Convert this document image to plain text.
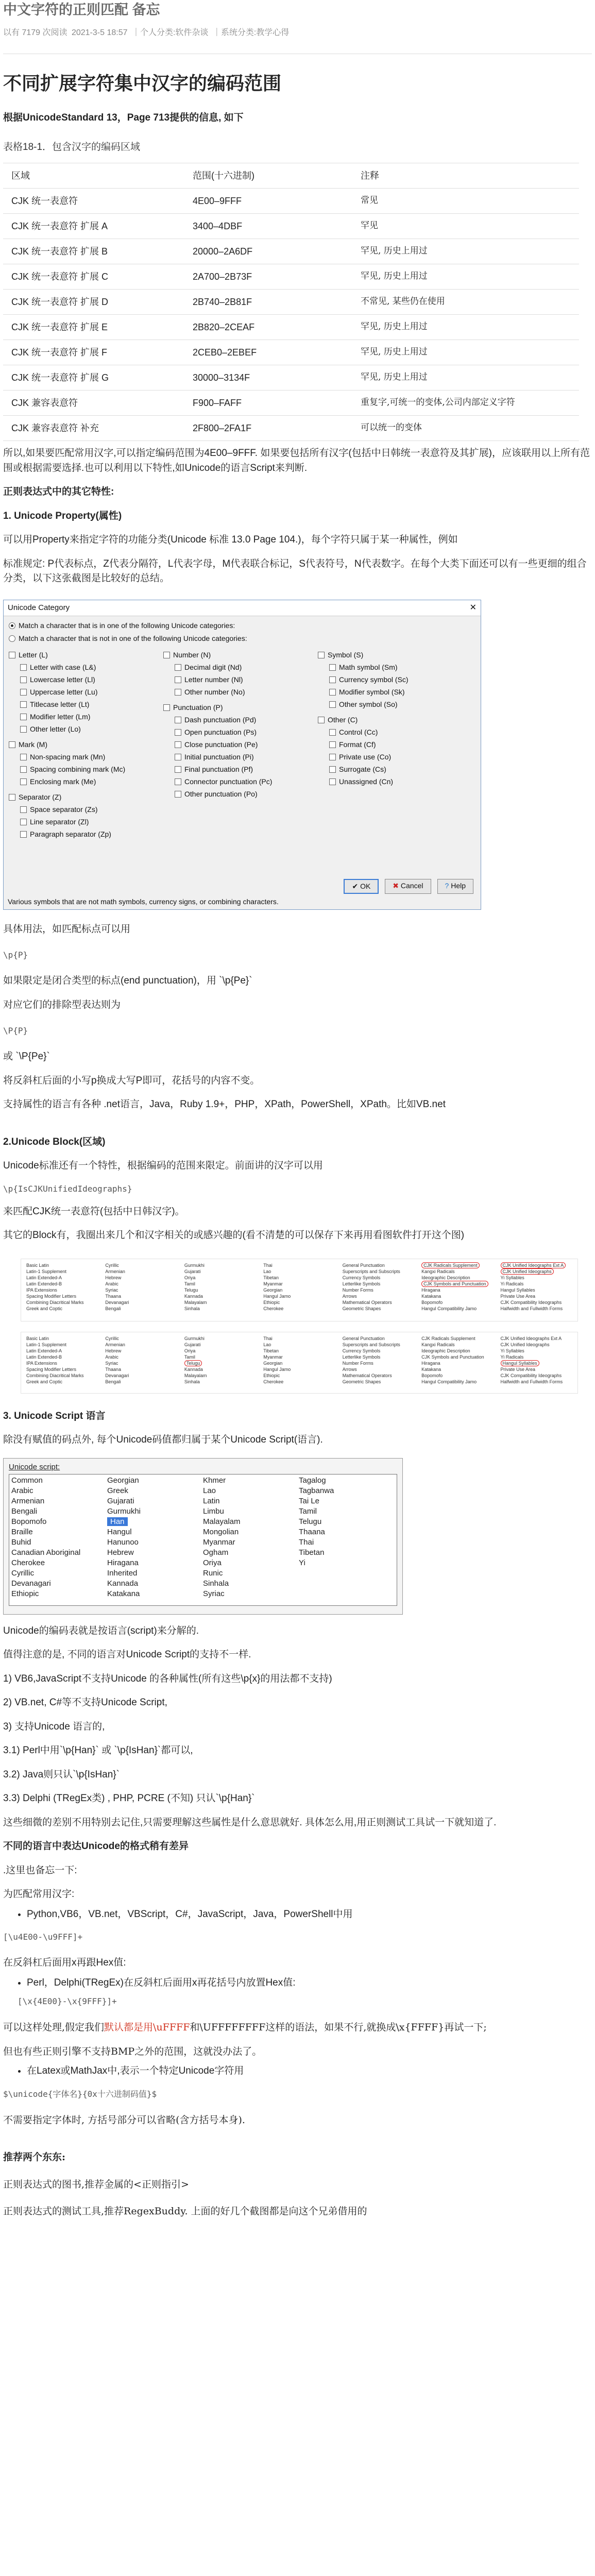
中文字符的正则匹配 备忘
以有 7179 次阅读 2021-3-5 18:57 ｜个人分类:软件杂谈 ｜系统分类:教学心得
不同扩展字符集中汉字的编码范围

根据UnicodeStandard 13，Page 713提供的信息, 如下

表格18-1．包含汉字的编码区域

区域	范围(十六进制)	注释
CJK 统一表意符	4E00–9FFF	常见
CJK 统一表意符 扩展 A	3400–4DBF	罕见
CJK 统一表意符 扩展 B	20000–2A6DF	罕见, 历史上用过
CJK 统一表意符 扩展 C	2A700–2B73F	罕见, 历史上用过
CJK 统一表意符 扩展 D	2B740–2B81F	不常见, 某些仍在使用
CJK 统一表意符 扩展 E	2B820–2CEAF	罕见, 历史上用过
CJK 统一表意符 扩展 F	2CEB0–2EBEF	罕见, 历史上用过
CJK 统一表意符 扩展 G	30000–3134F	罕见, 历史上用过
CJK 兼容表意符	F900–FAFF	重复字,可统一的变体,公司内部定义字符
CJK 兼容表意符 补充	2F800–2FA1F	可以统一的变体

所以,如果要匹配常用汉字,可以指定编码范围为4E00–9FFF. 如果要包括所有汉字(包括中日韩统一表意符及其扩展)，应该联用以上所有范围或根据需要选择.也可以利用以下特性,如Unicode的语言Script来判断.

正则表达式中的其它特性:

1. Unicode Property(属性)

可以用Property来指定字符的功能分类(Unicode 标准 13.0 Page 104.)，每个字符只属于某一种属性，例如

标准规定: P代表标点，Z代表分隔符，L代表字母，M代表联合标记，S代表符号，N代表数字。在每个大类下面还可以有一些更细的组合分类，以下这张截图是比较好的总结。

Unicode Category	✕
Match a character that is in one of the following Unicode categories:
Match a character that is not in one of the following Unicode categories:
Letter (L)
Letter with case (L&)
Lowercase letter (Ll)
Uppercase letter (Lu)
Titlecase letter (Lt)
Modifier letter (Lm)
Other letter (Lo)
Mark (M)
Non-spacing mark (Mn)
Spacing combining mark (Mc)
Enclosing mark (Me)
Separator (Z)
Space separator (Zs)
Line separator (Zl)
Paragraph separator (Zp)
Number (N)
Decimal digit (Nd)
Letter number (Nl)
Other number (No)
Punctuation (P)
Dash punctuation (Pd)
Open punctuation (Ps)
Close punctuation (Pe)
Initial punctuation (Pi)
Final punctuation (Pf)
Connector punctuation (Pc)
Other punctuation (Po)
Symbol (S)
Math symbol (Sm)
Currency symbol (Sc)
Modifier symbol (Sk)
Other symbol (So)
Other (C)
Control (Cc)
Format (Cf)
Private use (Co)
Surrogate (Cs)
Unassigned (Cn)
✔ OK	✖ Cancel	? Help
Various symbols that are not math symbols, currency signs, or combining characters.

具体用法，如匹配标点可以用

\p{P}

如果限定是闭合类型的标点(end punctuation)，用 `\p{Pe}`

对应它们的排除型表达则为

\P{P}

或 `\P{Pe}`

将反斜杠后面的小写p换成大写P即可，花括号的内容不变。

支持属性的语言有各种 .net语言，Java，Ruby 1.9+，PHP，XPath，PowerShell，XPath。比如VB.net

2.Unicode Block(区域)

Unicode标准还有一个特性，根据编码的范围来限定。前面讲的汉字可以用

\p{IsCJKUnifiedIdeographs}

来匹配CJK统一表意符(包括中日韩汉字)。

其它的Block有，我圈出来几个和汉字相关的或感兴趣的(看不清楚的可以保存下来再用看图软件打开这个图)

Basic Latin
Latin-1 Supplement
Latin Extended-A
Latin Extended-B
IPA Extensions
Spacing Modifier Letters
Combining Diacritical Marks
Greek and Coptic
Cyrillic
Armenian
Hebrew
Arabic
Syriac
Thaana
Devanagari
Bengali
Gurmukhi
Gujarati
Oriya
Tamil
Telugu
Kannada
Malayalam
Sinhala
Thai
Lao
Tibetan
Myanmar
Georgian
Hangul Jamo
Ethiopic
Cherokee
General Punctuation
Superscripts and Subscripts
Currency Symbols
Letterlike Symbols
Number Forms
Arrows
Mathematical Operators
Geometric Shapes
CJK Radicals Supplement
Kangxi Radicals
Ideographic Description
CJK Symbols and Punctuation
Hiragana
Katakana
Bopomofo
Hangul Compatibility Jamo
CJK Unified Ideographs Ext A
CJK Unified Ideographs
Yi Syllables
Yi Radicals
Hangul Syllables
Private Use Area
CJK Compatibility Ideographs
Halfwidth and Fullwidth Forms
Basic Latin
Latin-1 Supplement
Latin Extended-A
Latin Extended-B
IPA Extensions
Spacing Modifier Letters
Combining Diacritical Marks
Greek and Coptic
Cyrillic
Armenian
Hebrew
Arabic
Syriac
Thaana
Devanagari
Bengali
Gurmukhi
Gujarati
Oriya
Tamil
Telugu
Kannada
Malayalam
Sinhala
Thai
Lao
Tibetan
Myanmar
Georgian
Hangul Jamo
Ethiopic
Cherokee
General Punctuation
Superscripts and Subscripts
Currency Symbols
Letterlike Symbols
Number Forms
Arrows
Mathematical Operators
Geometric Shapes
CJK Radicals Supplement
Kangxi Radicals
Ideographic Description
CJK Symbols and Punctuation
Hiragana
Katakana
Bopomofo
Hangul Compatibility Jamo
CJK Unified Ideographs Ext A
CJK Unified Ideographs
Yi Syllables
Yi Radicals
Hangul Syllables
Private Use Area
CJK Compatibility Ideographs
Halfwidth and Fullwidth Forms

3. Unicode Script 语言

除没有赋值的码点外, 每个Unicode码值都归属于某个Unicode Script(语言).

Unicode script:
Common
Arabic
Armenian
Bengali
Bopomofo
Braille
Buhid
Canadian Aboriginal
Cherokee
Cyrillic
Devanagari
Ethiopic
Georgian
Greek
Gujarati
Gurmukhi
Han
Hangul
Hanunoo
Hebrew
Hiragana
Inherited
Kannada
Katakana
Khmer
Lao
Latin
Limbu
Malayalam
Mongolian
Myanmar
Ogham
Oriya
Runic
Sinhala
Syriac
Tagalog
Tagbanwa
Tai Le
Tamil
Telugu
Thaana
Thai
Tibetan
Yi

Unicode的编码表就是按语言(script)来分解的.

值得注意的是, 不同的语言对Unicode Script的支持不一样.

1) VB6,JavaScript不支持Unicode 的各种属性(所有这些\p{x}的用法都不支持)

2) VB.net, C#等不支持Unicode Script,

3) 支持Unicode 语言的,

3.1) Perl中用`\p{Han}` 或 `\p{IsHan}`都可以,

3.2) Java则只认`\p{IsHan}`

3.3) Delphi (TRegEx类) , PHP, PCRE (不知) 只认`\p{Han}`

这些细微的差别不用特别去记住,只需要理解这些属性是什么意思就好. 具体怎么用,用正则测试工具试一下就知道了.

不同的语言中表达Unicode的格式稍有差异

.这里也备忘一下:

为匹配常用汉字:

• Python,VB6，VB.net，VBScript，C#，JavaScript，Java，PowerShell中用

[\u4E00-\u9FFF]+

在反斜杠后面用x再跟Hex值:

• Perl，Delphi(TRegEx)在反斜杠后面用x再花括号内放置Hex值:

[\x{4E00}-\x{9FFF}]+

可以这样处理,假定我们默认都是用\uFFFF和\UFFFFFFFF这样的语法，如果不行,就换成\x{FFFF}再试一下;

但也有些正则引擎不支持BMP之外的范围，这就没办法了。

• 在Latex或MathJax中,表示一个特定Unicode字符用

$\unicode{字体名}{0x十六进制码值}$

不需要指定字体时, 方括号部分可以省略(含方括号本身).

推荐两个东东:

正则表达式的图书,推荐金属的<正则指引>

正则表达式的测试工具,推荐RegexBuddy. 上面的好几个截图都是向这个兄弟借用的
